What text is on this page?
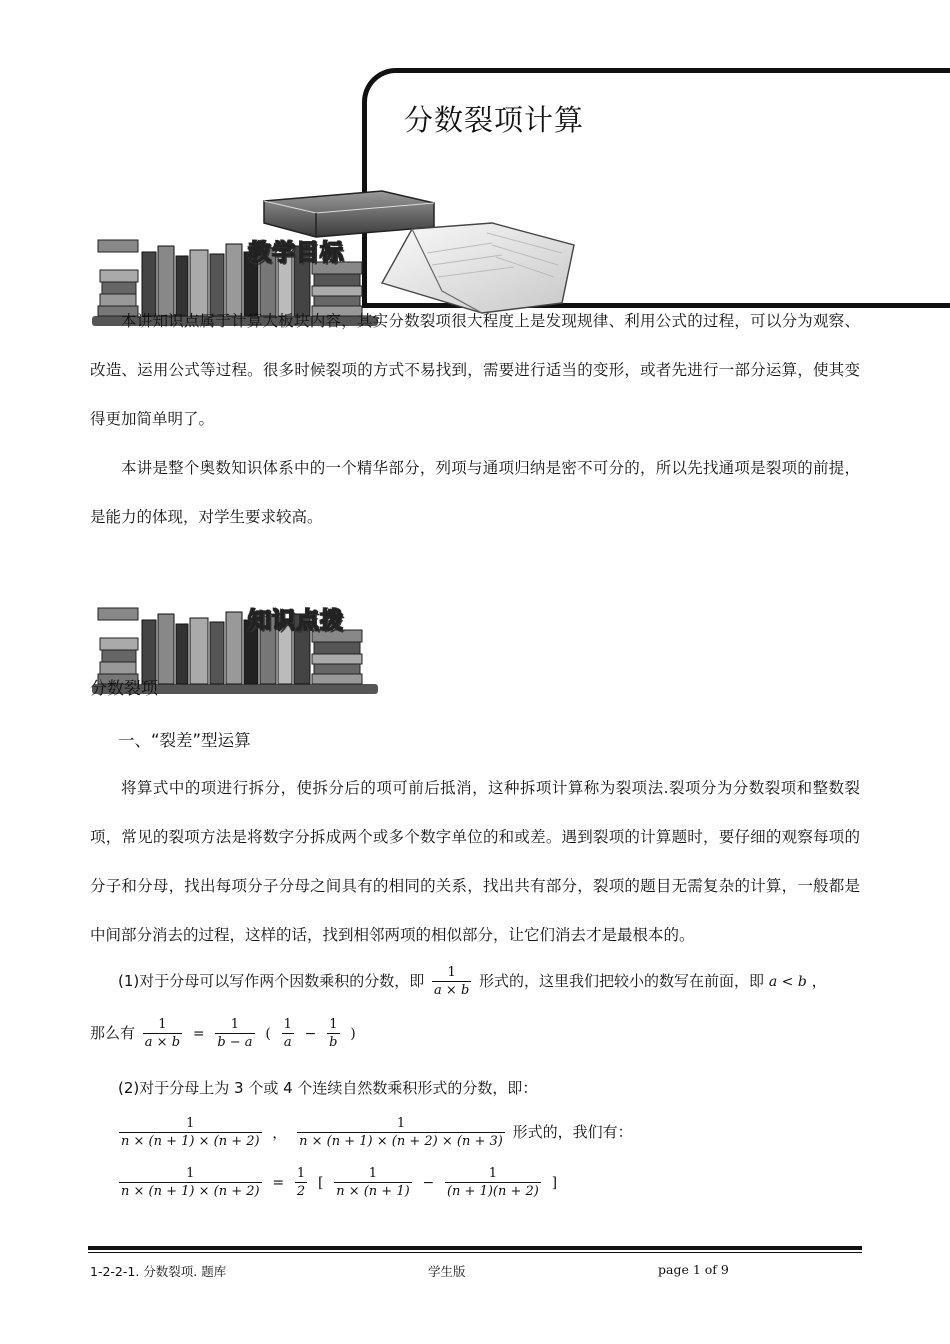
分数裂项计算
教学目标

本讲知识点属于计算大板块内容，其实分数裂项很大程度上是发现规律、利用公式的过程，可以分为观察、改造、运用公式等过程。很多时候裂项的方式不易找到，需要进行适当的变形，或者先进行一部分运算，使其变得更加简单明了。

本讲是整个奥数知识体系中的一个精华部分，列项与通项归纳是密不可分的，所以先找通项是裂项的前提，是能力的体现，对学生要求较高。

知识点拨
分数裂项
一、“裂差”型运算

将算式中的项进行拆分，使拆分后的项可前后抵消，这种拆项计算称为裂项法.裂项分为分数裂项和整数裂项，常见的裂项方法是将数字分拆成两个或多个数字单位的和或差。遇到裂项的计算题时，要仔细的观察每项的分子和分母，找出每项分子分母之间具有的相同的关系，找出共有部分，裂项的题目无需复杂的计算，一般都是中间部分消去的过程，这样的话，找到相邻两项的相似部分，让它们消去才是最根本的。

(1)对于分母可以写作两个因数乘积的分数，即 $\frac{1}{a \times b}$ 形式的，这里我们把较小的数写在前面，即 a < b ，
那么有 $\frac{1}{a \times b} = \frac{1}{b - a}$ ( $\frac{1}{a} - \frac{1}{b}$ )
(2)对于分母上为 3 个或 4 个连续自然数乘积形式的分数，即：
$\frac{1}{n \times (n + 1) \times (n + 2)}$ ， $\frac{1}{n \times (n + 1) \times (n + 2) \times (n + 3)}$ 形式的，我们有：
$\frac{1}{n \times (n + 1) \times (n + 2)} = \frac{1}{2}$ [ $\frac{1}{n \times (n + 1)} - \frac{1}{(n + 1)(n + 2)}$ ]
1-2-2-1. 分数裂项. 题库	学生版	page 1 of 9
